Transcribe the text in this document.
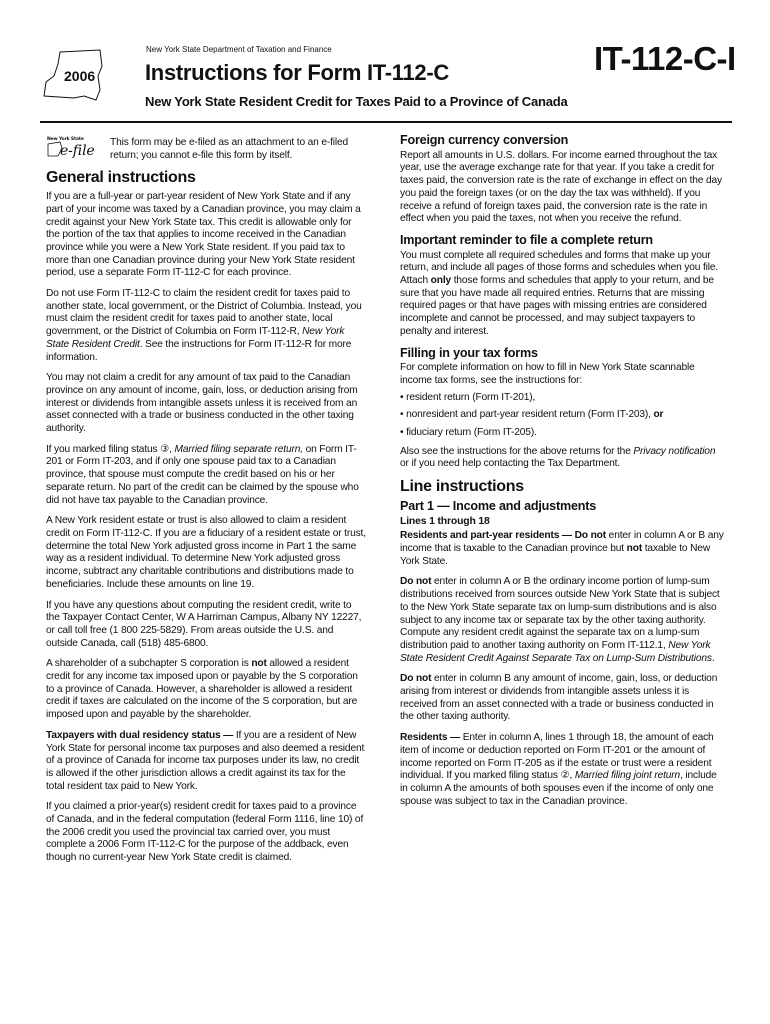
2006
New York State Department of Taxation and Finance
Instructions for Form IT-112-C	IT-112-C-I
New York State Resident Credit for Taxes Paid to a Province of Canada
New York State
e-file
This form may be e-filed as an attachment to an e-filed return; you cannot e-file this form by itself.
General instructions

If you are a full-year or part-year resident of New York State and if any part of your income was taxed by a Canadian province, you may claim a credit against your New York State tax. This credit is allowable only for the portion of the tax that applies to income received in the Canadian province while you were a New York State resident. If you paid tax to more than one Canadian province during your New York State resident period, use a separate Form IT-112-C for each province.

Do not use Form IT-112-C to claim the resident credit for taxes paid to another state, local government, or the District of Columbia. Instead, you must claim the resident credit for taxes paid to another state, local government, or the District of Columbia on Form IT-112-R, New York State Resident Credit. See the instructions for Form IT-112-R for more information.

You may not claim a credit for any amount of tax paid to the Canadian province on any amount of income, gain, loss, or deduction arising from interest or dividends from intangible assets unless it is received from an asset connected with a trade or business conducted in the other taxing authority.

If you marked filing status ③, Married filing separate return, on Form IT-201 or Form IT-203, and if only one spouse paid tax to a Canadian province, that spouse must compute the credit based on his or her separate return. No part of the credit can be claimed by the spouse who did not have tax payable to the Canadian province.

A New York resident estate or trust is also allowed to claim a resident credit on Form IT-112-C. If you are a fiduciary of a resident estate or trust, determine the total New York adjusted gross income in Part 1 the same way as a resident individual. To determine New York adjusted gross income, subtract any charitable contributions and distributions made to beneficiaries. Include these amounts on line 19.

If you have any questions about computing the resident credit, write to the Taxpayer Contact Center, W A Harriman Campus, Albany NY 12227, or call toll free (1 800 225-5829). From areas outside the U.S. and outside Canada, call (518) 485-6800.

A shareholder of a subchapter S corporation is not allowed a resident credit for any income tax imposed upon or payable by the S corporation to a province of Canada. However, a shareholder is allowed a resident credit if taxes are calculated on the income of the S corporation, but are imposed upon and payable by the shareholder.

Taxpayers with dual residency status — If you are a resident of New York State for personal income tax purposes and also deemed a resident of a province of Canada for income tax purposes under its law, no credit is allowed if the other jurisdiction allows a credit against its tax for the total resident tax paid to New York.

If you claimed a prior-year(s) resident credit for taxes paid to a province of Canada, and in the federal computation (federal Form 1116, line 10) of the 2006 credit you used the provincial tax carried over, you must complete a 2006 Form IT-112-C for the purpose of the addback, even though no current-year New York State credit is claimed.

Foreign currency conversion

Report all amounts in U.S. dollars. For income earned throughout the tax year, use the average exchange rate for that year. If you take a credit for taxes paid, the conversion rate is the rate of exchange in effect on the day you paid the foreign taxes (or on the day the tax was withheld). If you receive a refund of foreign taxes paid, the conversion rate is the rate in effect when you paid the taxes, not when you receive the refund.

Important reminder to file a complete return

You must complete all required schedules and forms that make up your return, and include all pages of those forms and schedules when you file. Attach only those forms and schedules that apply to your return, and be sure that you have made all required entries. Returns that are missing required pages or that have pages with missing entries are considered incomplete and cannot be processed, and may subject taxpayers to penalty and interest.

Filling in your tax forms

For complete information on how to fill in New York State scannable income tax forms, see the instructions for:

• resident return (Form IT-201),
• nonresident and part-year resident return (Form IT-203), or
• fiduciary return (Form IT-205).

Also see the instructions for the above returns for the Privacy notification or if you need help contacting the Tax Department.

Line instructions
Part 1 — Income and adjustments
Lines 1 through 18

Residents and part-year residents — Do not enter in column A or B any income that is taxable to the Canadian province but not taxable to New York State.

Do not enter in column A or B the ordinary income portion of lump-sum distributions received from sources outside New York State that is subject to the New York State separate tax on lump-sum distributions and is also subject to any income tax or separate tax by the other taxing authority. Compute any resident credit against the separate tax on a lump-sum distribution paid to another taxing authority on Form IT-112.1, New York State Resident Credit Against Separate Tax on Lump-Sum Distributions.

Do not enter in column B any amount of income, gain, loss, or deduction arising from interest or dividends from intangible assets unless it is received from an asset connected with a trade or business conducted in the other taxing authority.

Residents — Enter in column A, lines 1 through 18, the amount of each item of income or deduction reported on Form IT-201 or the amount of income reported on Form IT-205 as if the estate or trust were a resident individual. If you marked filing status ②, Married filing joint return, include in column A the amounts of both spouses even if the income of only one spouse was subject to tax in the Canadian province.
